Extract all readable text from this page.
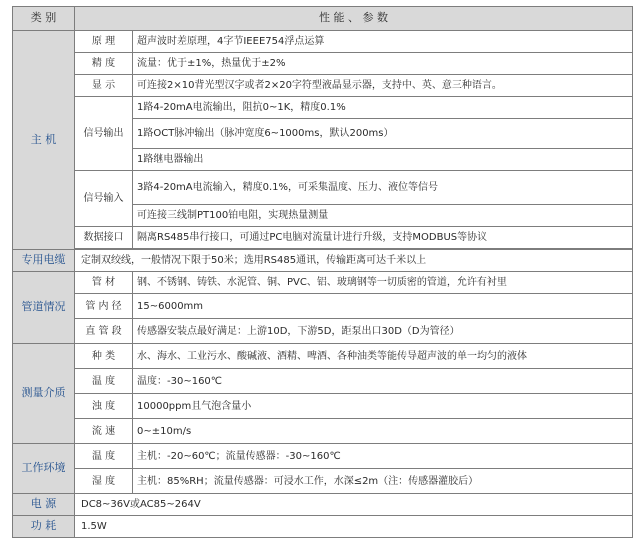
类 别	性 能 、 参 数	
主 机	原 理	超声波时差原理，4字节IEEE754浮点运算
	精 度	流量：优于±1%，热量优于±2%
	显 示	可连接2×10背光型汉字或者2×20字符型液晶显示器，支持中、英、意三种语言。
	信号输出	1路4-20mA电流输出，阻抗0~1K，精度0.1%
		1路OCT脉冲输出（脉冲宽度6~1000ms，默认200ms）
		1路继电器输出
	信号输入	3路4-20mA电流输入，精度0.1%，可采集温度、压力、液位等信号
		可连接三线制PT100铂电阻，实现热量测量
	数据接口	隔离RS485串行接口，可通过PC电脑对流量计进行升级，支持MODBUS等协议

专用电缆	定制双绞线，一般情况下限于50米；选用RS485通讯，传输距离可达千米以上	
管道情况	管 材	钢、不锈钢、铸铁、水泥管、铜、PVC、铝、玻璃钢等一切质密的管道，允许有衬里
	管 内 径	15~6000mm
	直 管 段	传感器安装点最好满足：上游10D，下游5D，距泵出口30D（D为管径）
测量介质	种 类	水、海水、工业污水、酸碱液、酒精、啤酒、各种油类等能传导超声波的单一均匀的液体
	温 度	温度：-30~160℃
	浊 度	10000ppm且气泡含量小
	流 速	0~±10m/s
工作环境	温 度	主机：-20~60℃；流量传感器：-30~160℃
	湿 度	主机：85%RH；流量传感器：可浸水工作，水深≤2m（注：传感器灌胶后）
电 源	DC8~36V或AC85~264V	
功 耗	1.5W	
